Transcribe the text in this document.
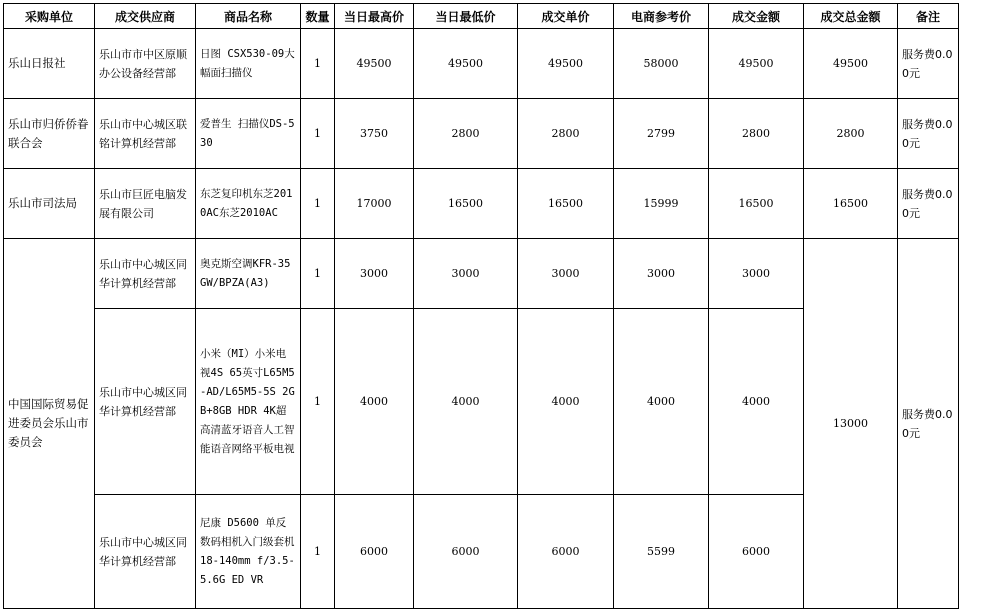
采购单位	成交供应商	商品名称	数量	当日最高价	当日最低价	成交单价	电商参考价	成交金额	成交总金额	备注
乐山日报社	乐山市市中区原顺办公设备经营部	日图 CSX530-09大幅面扫描仪	1	49500	49500	49500	58000	49500	49500	服务费0.00元
乐山市归侨侨眷联合会	乐山市中心城区联铭计算机经营部	爱普生 扫描仪DS-530	1	3750	2800	2800	2799	2800	2800	服务费0.00元
乐山市司法局	乐山市巨匠电脑发展有限公司	东芝复印机东芝2010AC东芝2010AC	1	17000	16500	16500	15999	16500	16500	服务费0.00元
中国国际贸易促进委员会乐山市委员会	乐山市中心城区同华计算机经营部	奥克斯空调KFR-35GW/BPZA(A3)	1	3000	3000	3000	3000	3000	13000	服务费0.00元
	乐山市中心城区同华计算机经营部	小米（MI）小米电视4S 65英寸L65M5-AD/L65M5-5S 2GB+8GB HDR 4K超高清蓝牙语音人工智能语音网络平板电视	1	4000	4000	4000	4000	4000		
	乐山市中心城区同华计算机经营部	尼康 D5600 单反数码相机入门级套机 18-140mm f/3.5-5.6G ED VR	1	6000	6000	6000	5599	6000		
